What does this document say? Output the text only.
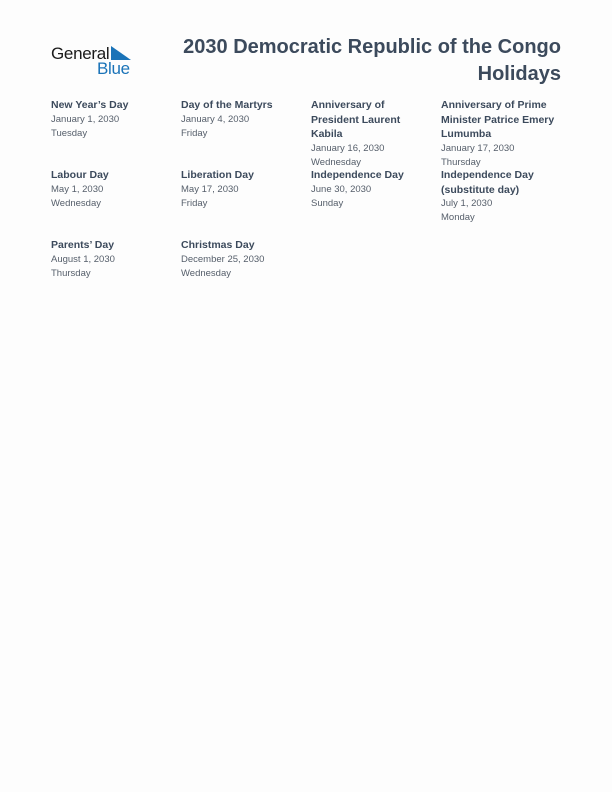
General
Blue
2030 Democratic Republic of the Congo Holidays
New Year’s Day
January 1, 2030
Tuesday
Day of the Martyrs
January 4, 2030
Friday
Anniversary of President Laurent Kabila
January 16, 2030
Wednesday
Anniversary of Prime Minister Patrice Emery Lumumba
January 17, 2030
Thursday
Labour Day
May 1, 2030
Wednesday
Liberation Day
May 17, 2030
Friday
Independence Day
June 30, 2030
Sunday
Independence Day (substitute day)
July 1, 2030
Monday
Parents’ Day
August 1, 2030
Thursday
Christmas Day
December 25, 2030
Wednesday
